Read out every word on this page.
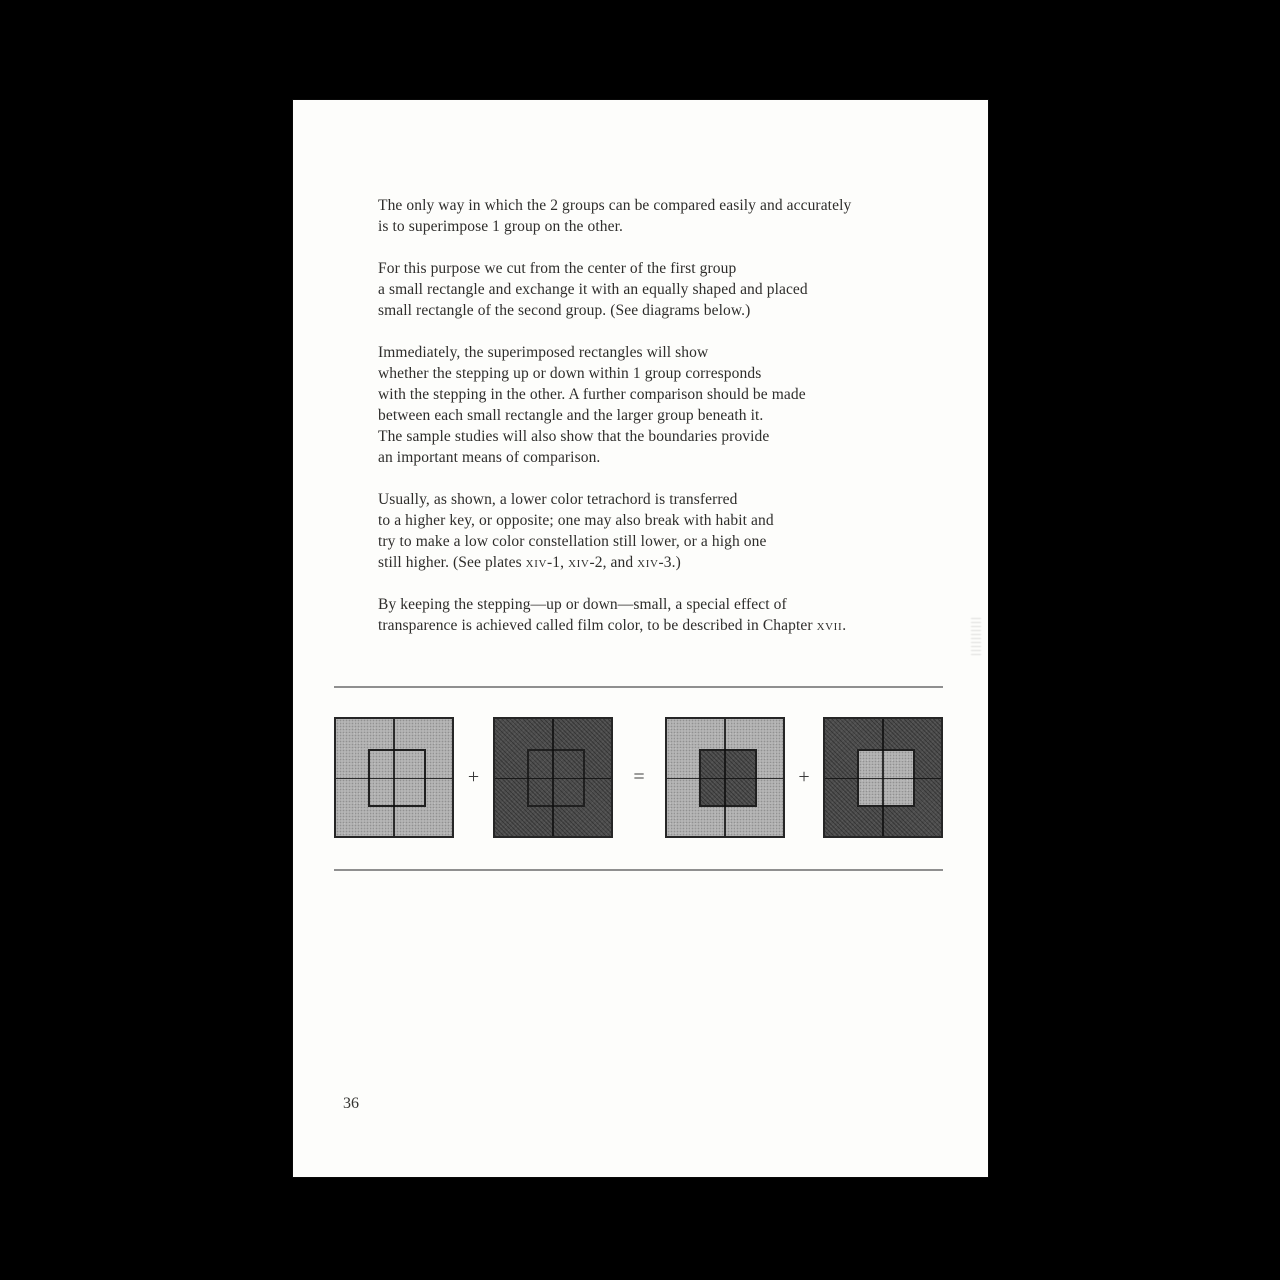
The only way in which the 2 groups can be compared easily and accurately
is to superimpose 1 group on the other.
For this purpose we cut from the center of the first group
a small rectangle and exchange it with an equally shaped and placed
small rectangle of the second group. (See diagrams below.)
Immediately, the superimposed rectangles will show
whether the stepping up or down within 1 group corresponds
with the stepping in the other. A further comparison should be made
between each small rectangle and the larger group beneath it.
The sample studies will also show that the boundaries provide
an important means of comparison.
Usually, as shown, a lower color tetrachord is transferred
to a higher key, or opposite; one may also break with habit and
try to make a low color constellation still lower, or a high one
still higher. (See plates xiv-1, xiv-2, and xiv-3.)
By keeping the stepping—up or down—small, a special effect of
transparence is achieved called film color, to be described in Chapter xvii.
+	=	+
36
